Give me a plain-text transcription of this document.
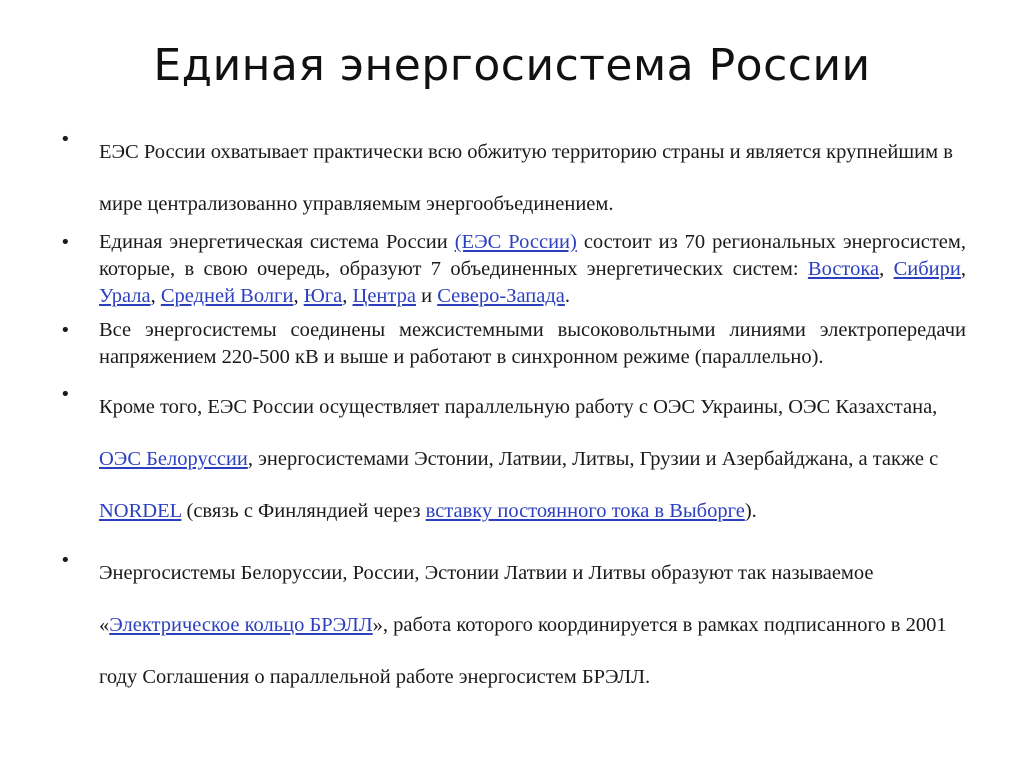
Единая энергосистема России
•
ЕЭС России охватывает практически всю обжитую территорию страны и является крупнейшим в мире централизованно управляемым энергообъединением.
• Единая энергетическая система России (ЕЭС России) состоит из 70 региональных энергосистем, которые, в свою очередь, образуют 7 объединенных энергетических систем: Востока, Сибири, Урала, Средней Волги, Юга, Центра и Северо-Запада.
• Все энергосистемы соединены межсистемными высоковольтными линиями электропередачи напряжением 220-500 кВ и выше и работают в синхронном режиме (параллельно).
•
Кроме того, ЕЭС России осуществляет параллельную работу с ОЭС Украины, ОЭС Казахстана, ОЭС Белоруссии, энергосистемами Эстонии, Латвии, Литвы, Грузии и Азербайджана, а также с NORDEL (связь с Финляндией через вставку постоянного тока в Выборге).
•
Энергосистемы Белоруссии, России, Эстонии Латвии и Литвы образуют так называемое «Электрическое кольцо БРЭЛЛ», работа которого координируется в рамках подписанного в 2001 году Соглашения о параллельной работе энергосистем БРЭЛЛ.
